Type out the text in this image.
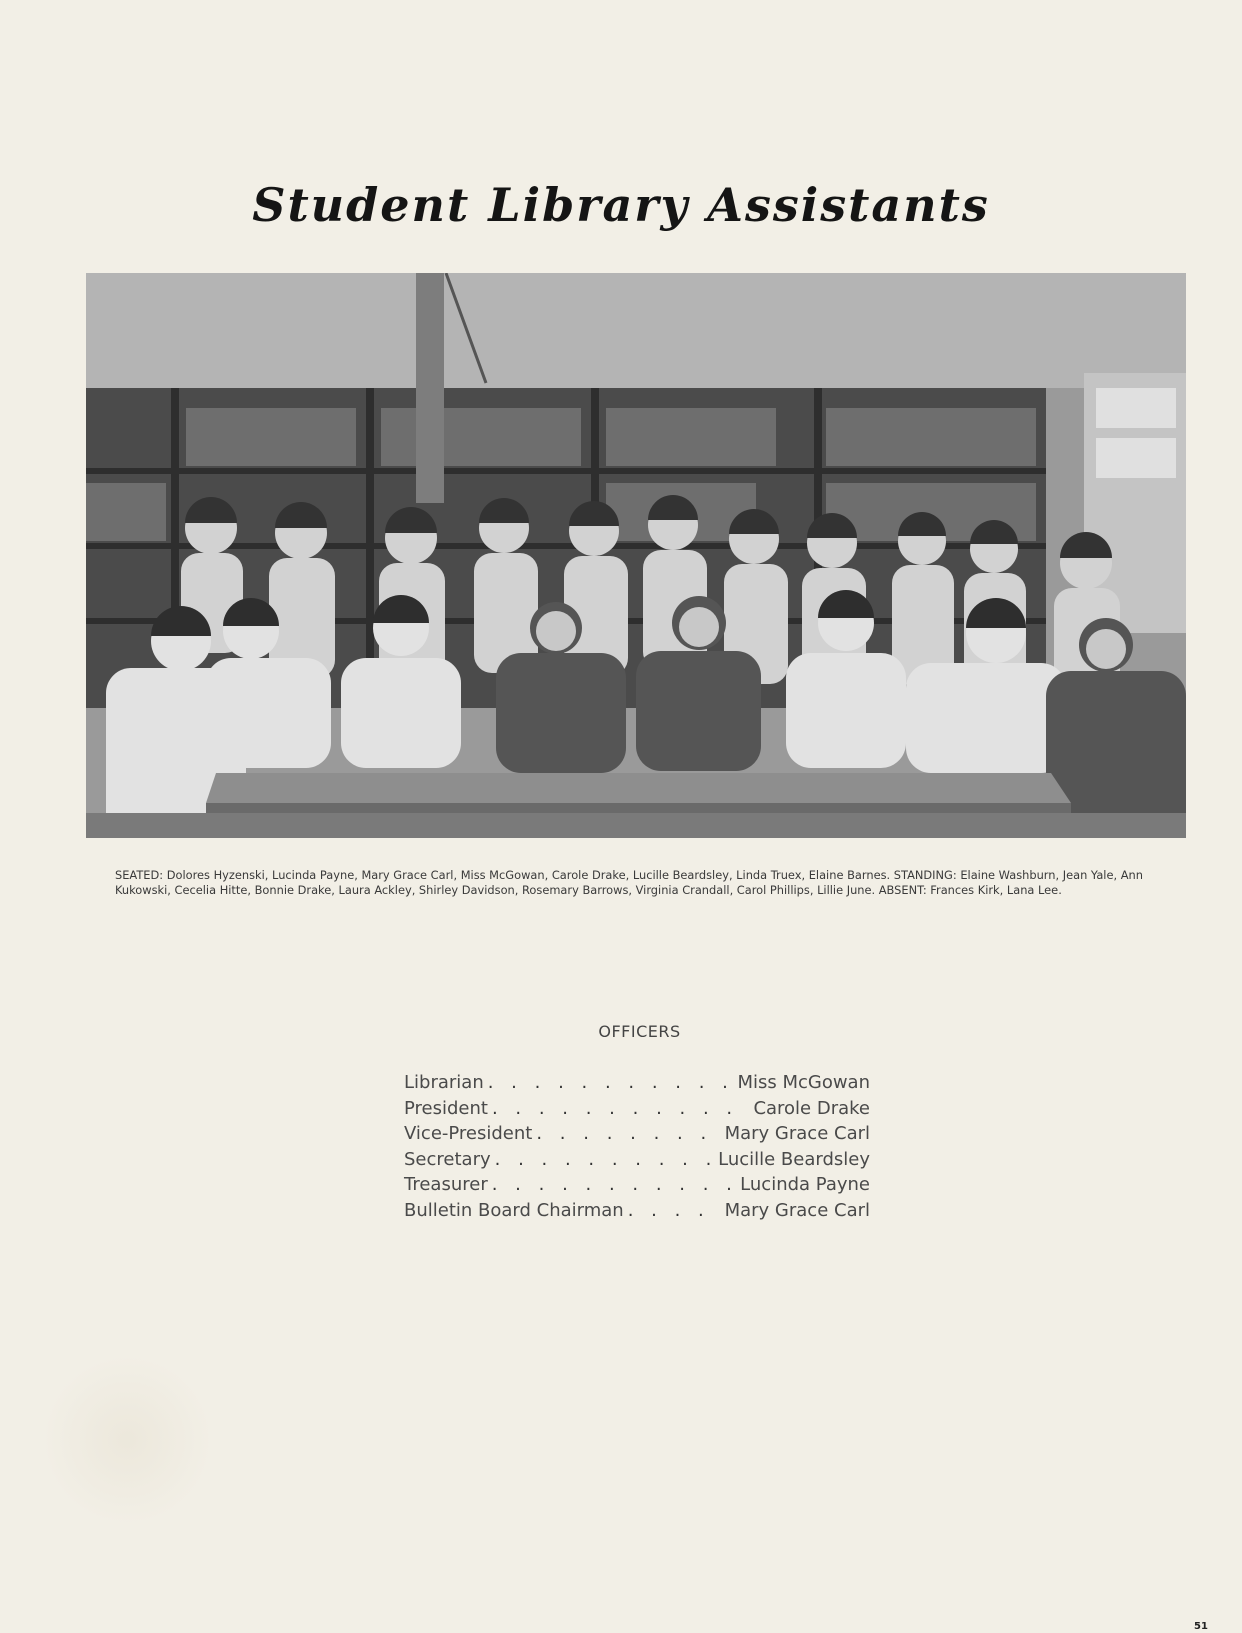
Student Library Assistants
SEATED: Dolores Hyzenski, Lucinda Payne, Mary Grace Carl, Miss McGowan, Carole Drake, Lucille Beardsley, Linda Truex, Elaine Barnes. STANDING: Elaine Washburn, Jean Yale, Ann Kukowski, Cecelia Hitte, Bonnie Drake, Laura Ackley, Shirley Davidson, Rosemary Barrows, Virginia Crandall, Carol Phillips, Lillie June. ABSENT: Frances Kirk, Lana Lee.
OFFICERS
Librarian . . .	Miss McGowan
President . . .	Carole Drake
Vice-President . . .	Mary Grace Carl
Secretary . . .	Lucille Beardsley
Treasurer . . .	Lucinda Payne
Bulletin Board Chairman . . .	Mary Grace Carl
51
